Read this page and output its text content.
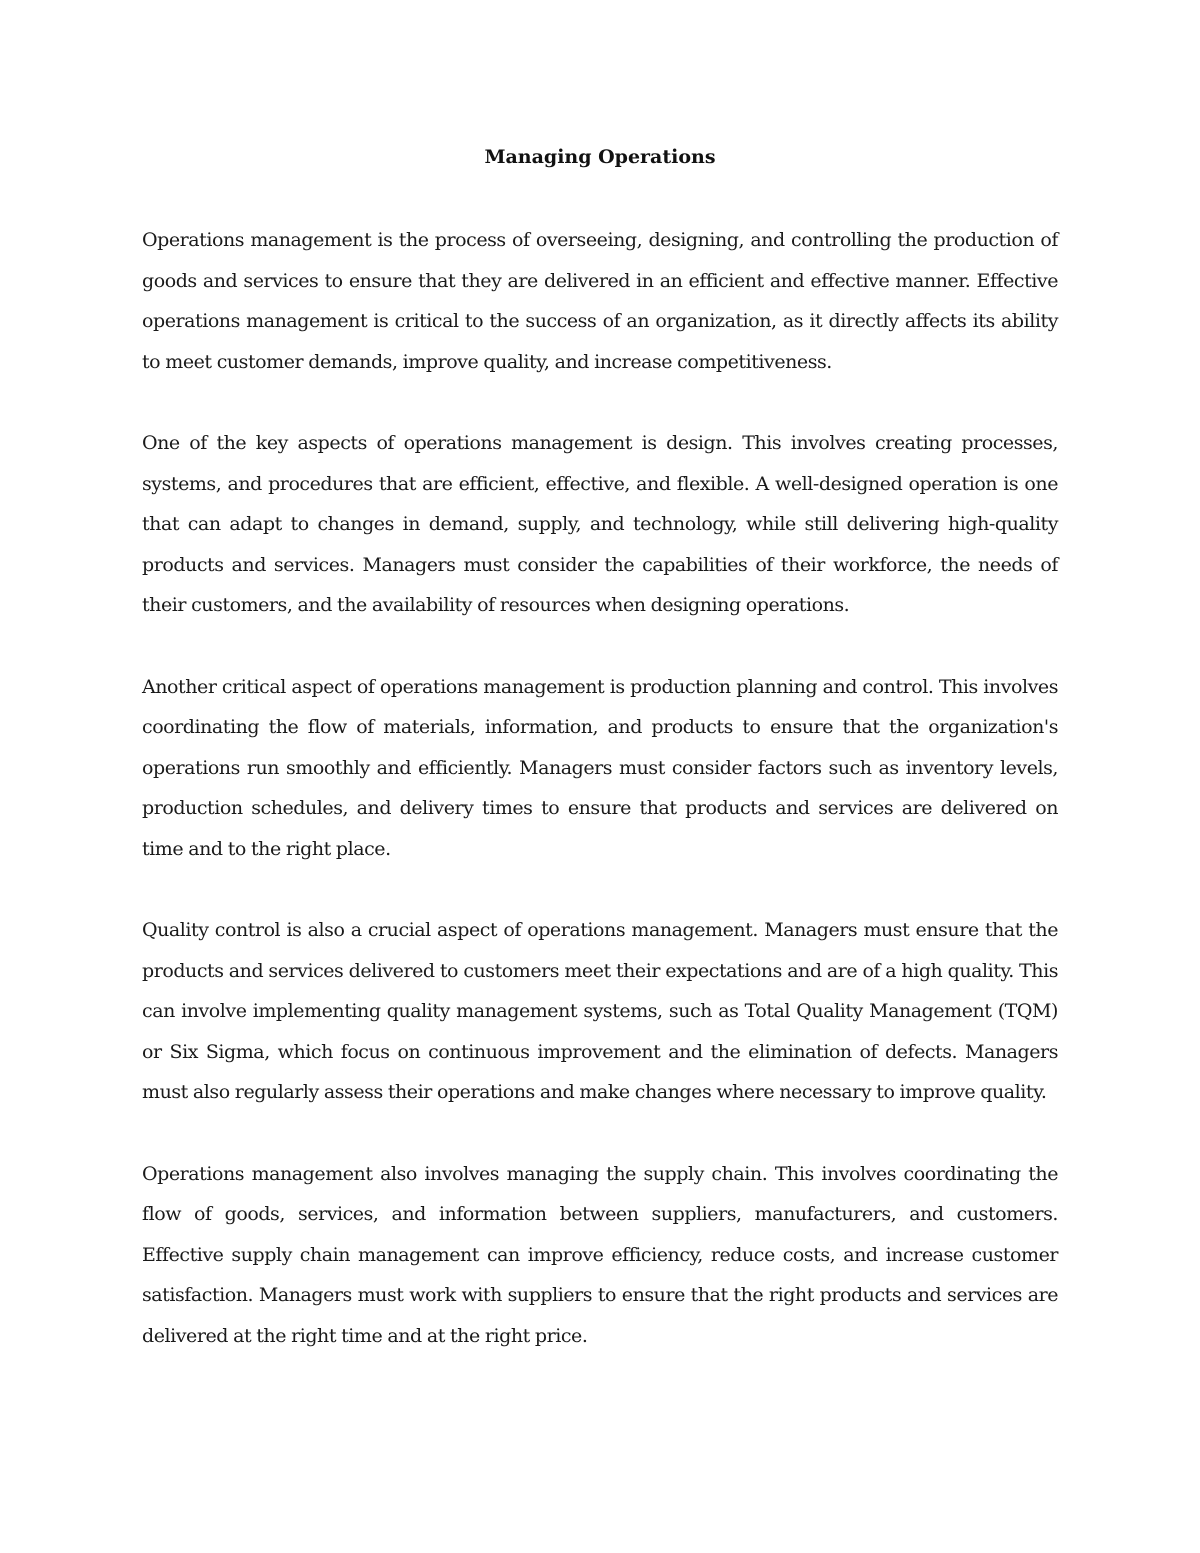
Managing Operations

Operations management is the process of overseeing, designing, and controlling the production of goods and services to ensure that they are delivered in an efficient and effective manner. Effective operations management is critical to the success of an organization, as it directly affects its ability to meet customer demands, improve quality, and increase competitiveness.

One of the key aspects of operations management is design. This involves creating processes, systems, and procedures that are efficient, effective, and flexible. A well-designed operation is one that can adapt to changes in demand, supply, and technology, while still delivering high-quality products and services. Managers must consider the capabilities of their workforce, the needs of their customers, and the availability of resources when designing operations.

Another critical aspect of operations management is production planning and control. This involves coordinating the flow of materials, information, and products to ensure that the organization's operations run smoothly and efficiently. Managers must consider factors such as inventory levels, production schedules, and delivery times to ensure that products and services are delivered on time and to the right place.

Quality control is also a crucial aspect of operations management. Managers must ensure that the products and services delivered to customers meet their expectations and are of a high quality. This can involve implementing quality management systems, such as Total Quality Management (TQM) or Six Sigma, which focus on continuous improvement and the elimination of defects. Managers must also regularly assess their operations and make changes where necessary to improve quality.

Operations management also involves managing the supply chain. This involves coordinating the flow of goods, services, and information between suppliers, manufacturers, and customers. Effective supply chain management can improve efficiency, reduce costs, and increase customer satisfaction. Managers must work with suppliers to ensure that the right products and services are delivered at the right time and at the right price.
